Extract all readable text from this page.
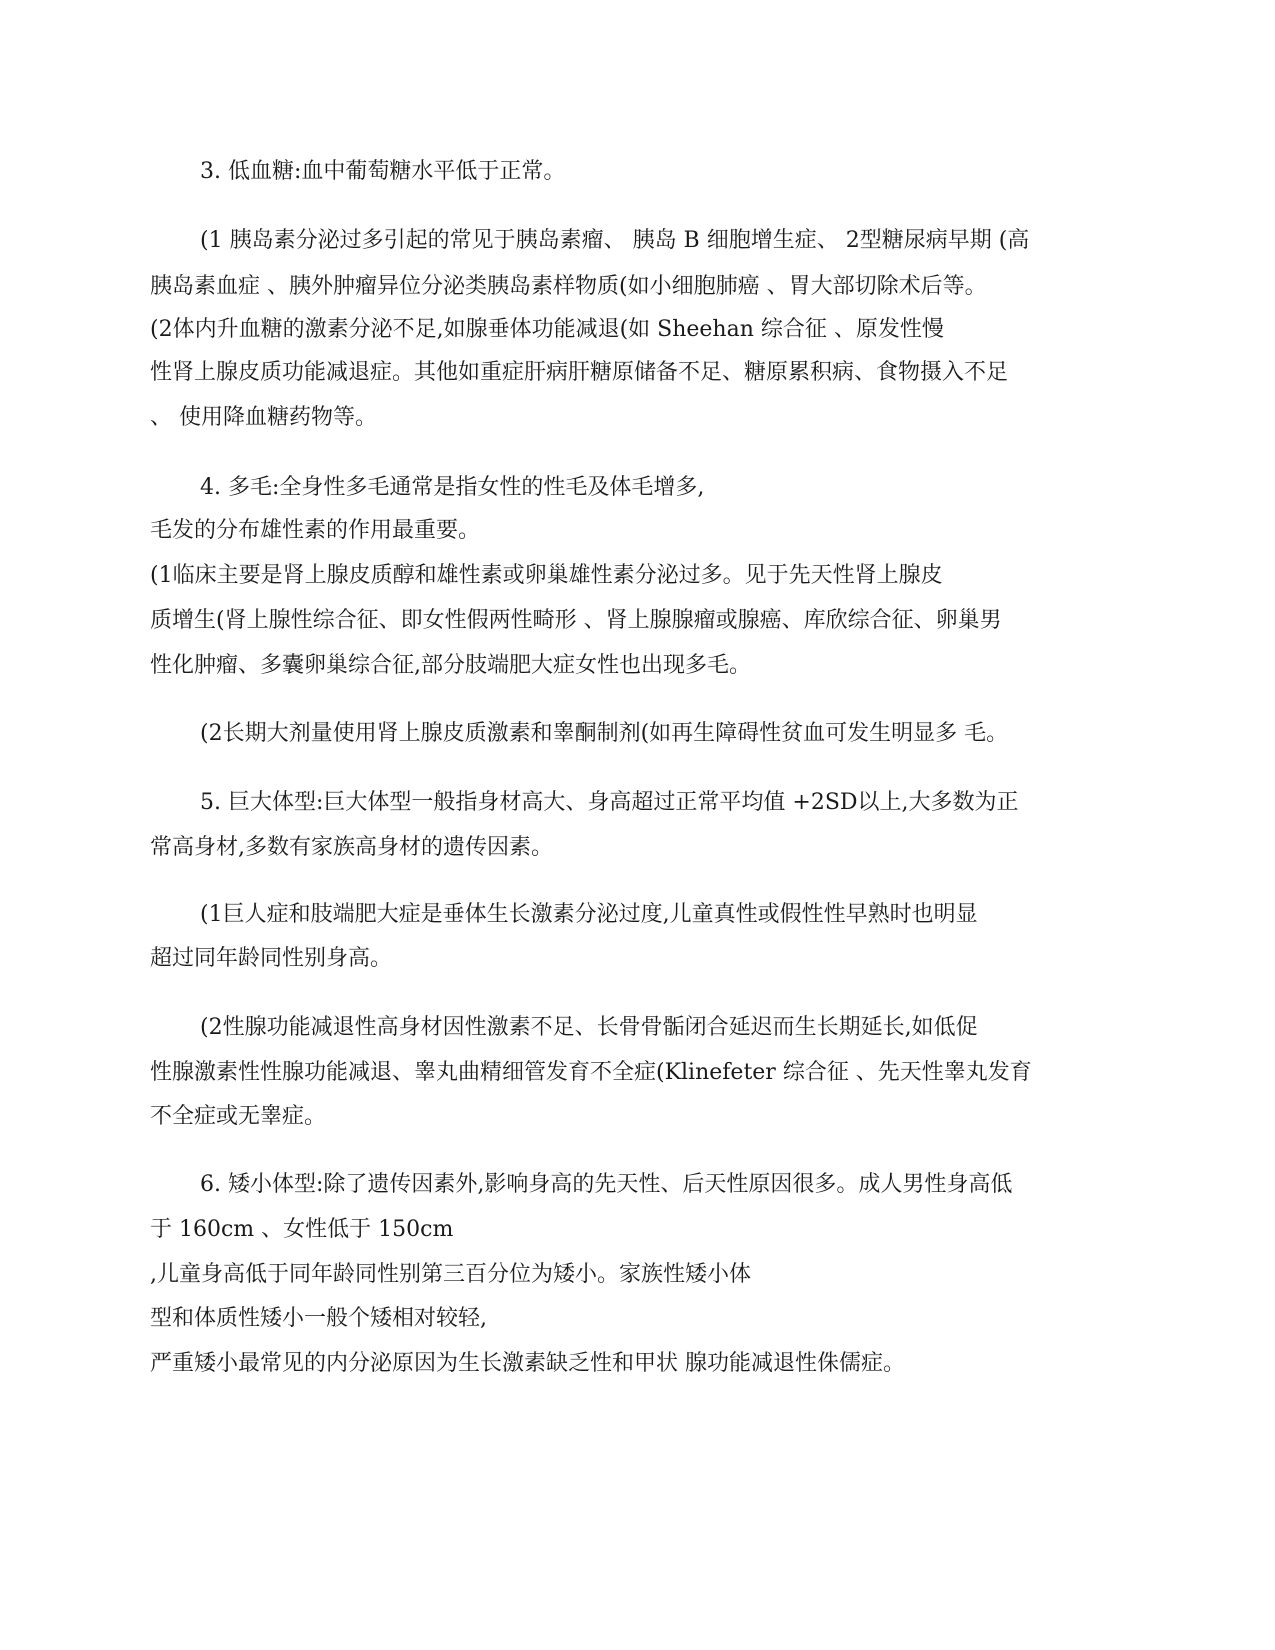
3. 低血糖:血中葡萄糖水平低于正常。
(1 胰岛素分泌过多引起的常见于胰岛素瘤、 胰岛 B 细胞增生症、 2型糖尿病早期 (高
胰岛素血症 、胰外肿瘤异位分泌类胰岛素样物质(如小细胞肺癌 、胃大部切除术后等。
(2体内升血糖的激素分泌不足,如腺垂体功能减退(如 Sheehan 综合征 、原发性慢
性肾上腺皮质功能减退症。其他如重症肝病肝糖原储备不足、糖原累积病、食物摄入不足
、 使用降血糖药物等。
4. 多毛:全身性多毛通常是指女性的性毛及体毛增多,
毛发的分布雄性素的作用最重要。
(1临床主要是肾上腺皮质醇和雄性素或卵巢雄性素分泌过多。见于先天性肾上腺皮
质增生(肾上腺性综合征、即女性假两性畸形 、肾上腺腺瘤或腺癌、库欣综合征、卵巢男
性化肿瘤、多囊卵巢综合征,部分肢端肥大症女性也出现多毛。
(2长期大剂量使用肾上腺皮质激素和睾酮制剂(如再生障碍性贫血可发生明显多 毛。
5. 巨大体型:巨大体型一般指身材高大、身高超过正常平均值 +2SD以上,大多数为正
常高身材,多数有家族高身材的遗传因素。
(1巨人症和肢端肥大症是垂体生长激素分泌过度,儿童真性或假性性早熟时也明显
超过同年龄同性别身高。
(2性腺功能减退性高身材因性激素不足、长骨骨骺闭合延迟而生长期延长,如低促
性腺激素性性腺功能减退、睾丸曲精细管发育不全症(Klinefeter 综合征 、先天性睾丸发育
不全症或无睾症。
6. 矮小体型:除了遗传因素外,影响身高的先天性、后天性原因很多。成人男性身高低
于 160cm 、女性低于 150cm
,儿童身高低于同年龄同性别第三百分位为矮小。家族性矮小体
型和体质性矮小一般个矮相对较轻,
严重矮小最常见的内分泌原因为生长激素缺乏性和甲状 腺功能减退性侏儒症。
